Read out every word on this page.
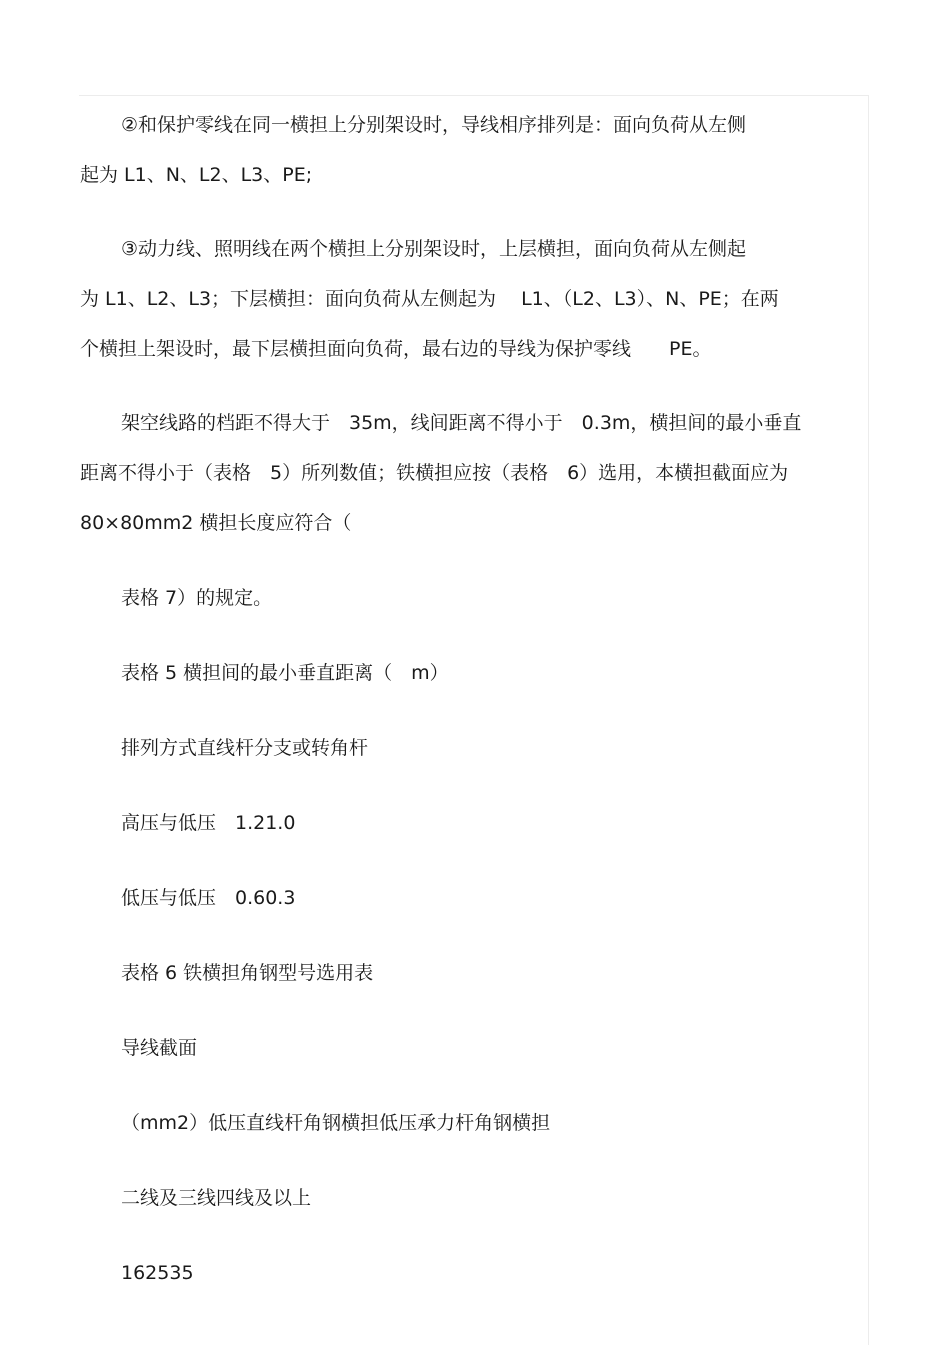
②和保护零线在同一横担上分别架设时，导线相序排列是：面向负荷从左侧

起为 L1、N、L2、L3、PE;

③动力线、照明线在两个横担上分别架设时，上层横担，面向负荷从左侧起

为 L1、L2、L3；下层横担：面向负荷从左侧起为　 L1、（L2、L3）、N、PE；在两

个横担上架设时，最下层横担面向负荷，最右边的导线为保护零线　　PE。

架空线路的档距不得大于　35m，线间距离不得小于　0.3m，横担间的最小垂直

距离不得小于（表格　5）所列数值；铁横担应按（表格　6）选用，本横担截面应为

80×80mm2 横担长度应符合（

表格 7）的规定。

表格 5 横担间的最小垂直距离（　m）

排列方式直线杆分支或转角杆

高压与低压　1.21.0

低压与低压　0.60.3

表格 6 铁横担角钢型号选用表

导线截面

（mm2）低压直线杆角钢横担低压承力杆角钢横担

二线及三线四线及以上

162535
